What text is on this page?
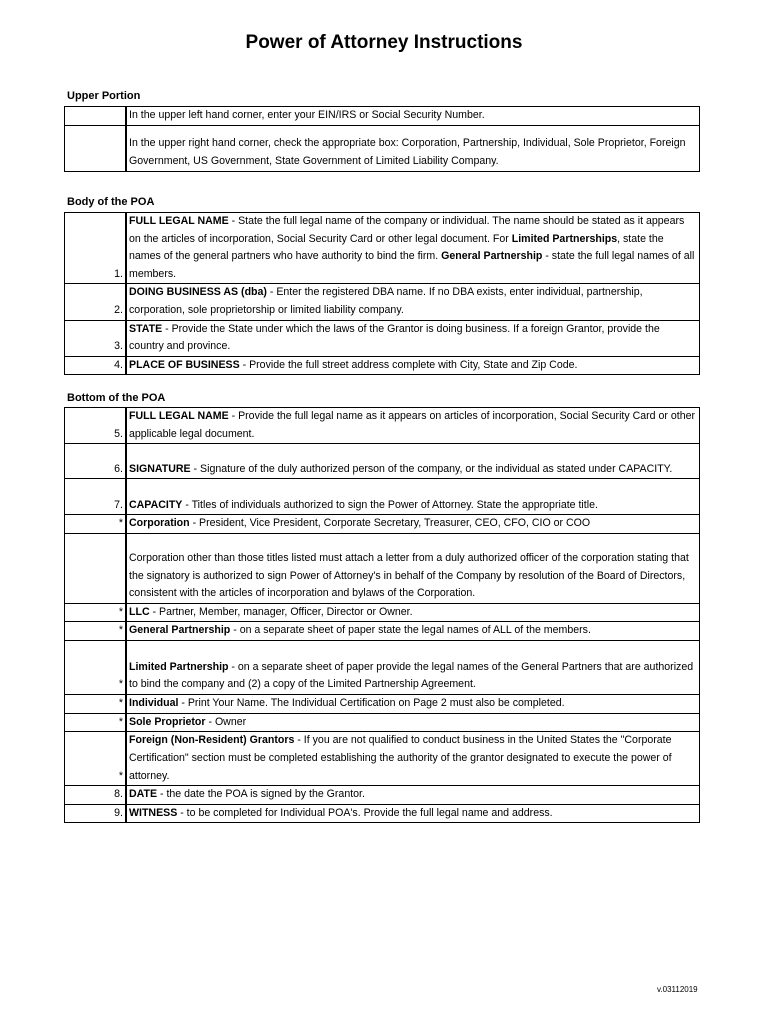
Power of Attorney Instructions
Upper Portion
	In the upper left hand corner, enter your EIN/IRS or Social Security Number.
	In the upper right hand corner, check the appropriate box: Corporation, Partnership, Individual, Sole Proprietor, Foreign Government, US Government, State Government of Limited Liability Company.
Body of the POA
1.	FULL LEGAL NAME - State the full legal name of the company or individual. The name should be stated as it appears on the articles of incorporation, Social Security Card or other legal document. For Limited Partnerships, state the names of the general partners who have authority to bind the firm. General Partnership - state the full legal names of all members.
2.	DOING BUSINESS AS (dba) - Enter the registered DBA name. If no DBA exists, enter individual, partnership, corporation, sole proprietorship or limited liability company.
3.	STATE - Provide the State under which the laws of the Grantor is doing business. If a foreign Grantor, provide the country and province.
4.	PLACE OF BUSINESS - Provide the full street address complete with City, State and Zip Code.
Bottom of the POA
5.	FULL LEGAL NAME - Provide the full legal name as it appears on articles of incorporation, Social Security Card or other applicable legal document.
6.	SIGNATURE - Signature of the duly authorized person of the company, or the individual as stated under CAPACITY.
7.	CAPACITY - Titles of individuals authorized to sign the Power of Attorney. State the appropriate title.
*	Corporation - President, Vice President, Corporate Secretary, Treasurer, CEO, CFO, CIO or COO
	Corporation other than those titles listed must attach a letter from a duly authorized officer of the corporation stating that the signatory is authorized to sign Power of Attorney's in behalf of the Company by resolution of the Board of Directors, consistent with the articles of incorporation and bylaws of the Corporation.
*	LLC - Partner, Member, manager, Officer, Director or Owner.
*	General Partnership - on a separate sheet of paper state the legal names of ALL of the members.
*	Limited Partnership - on a separate sheet of paper provide the legal names of the General Partners that are authorized to bind the company and (2) a copy of the Limited Partnership Agreement.
*	Individual - Print Your Name. The Individual Certification on Page 2 must also be completed.
*	Sole Proprietor - Owner
*	Foreign (Non-Resident) Grantors - If you are not qualified to conduct business in the United States the "Corporate Certification" section must be completed establishing the authority of the grantor designated to execute the power of attorney.
8.	DATE - the date the POA is signed by the Grantor.
9.	WITNESS - to be completed for Individual POA's. Provide the full legal name and address.
v.03112019
